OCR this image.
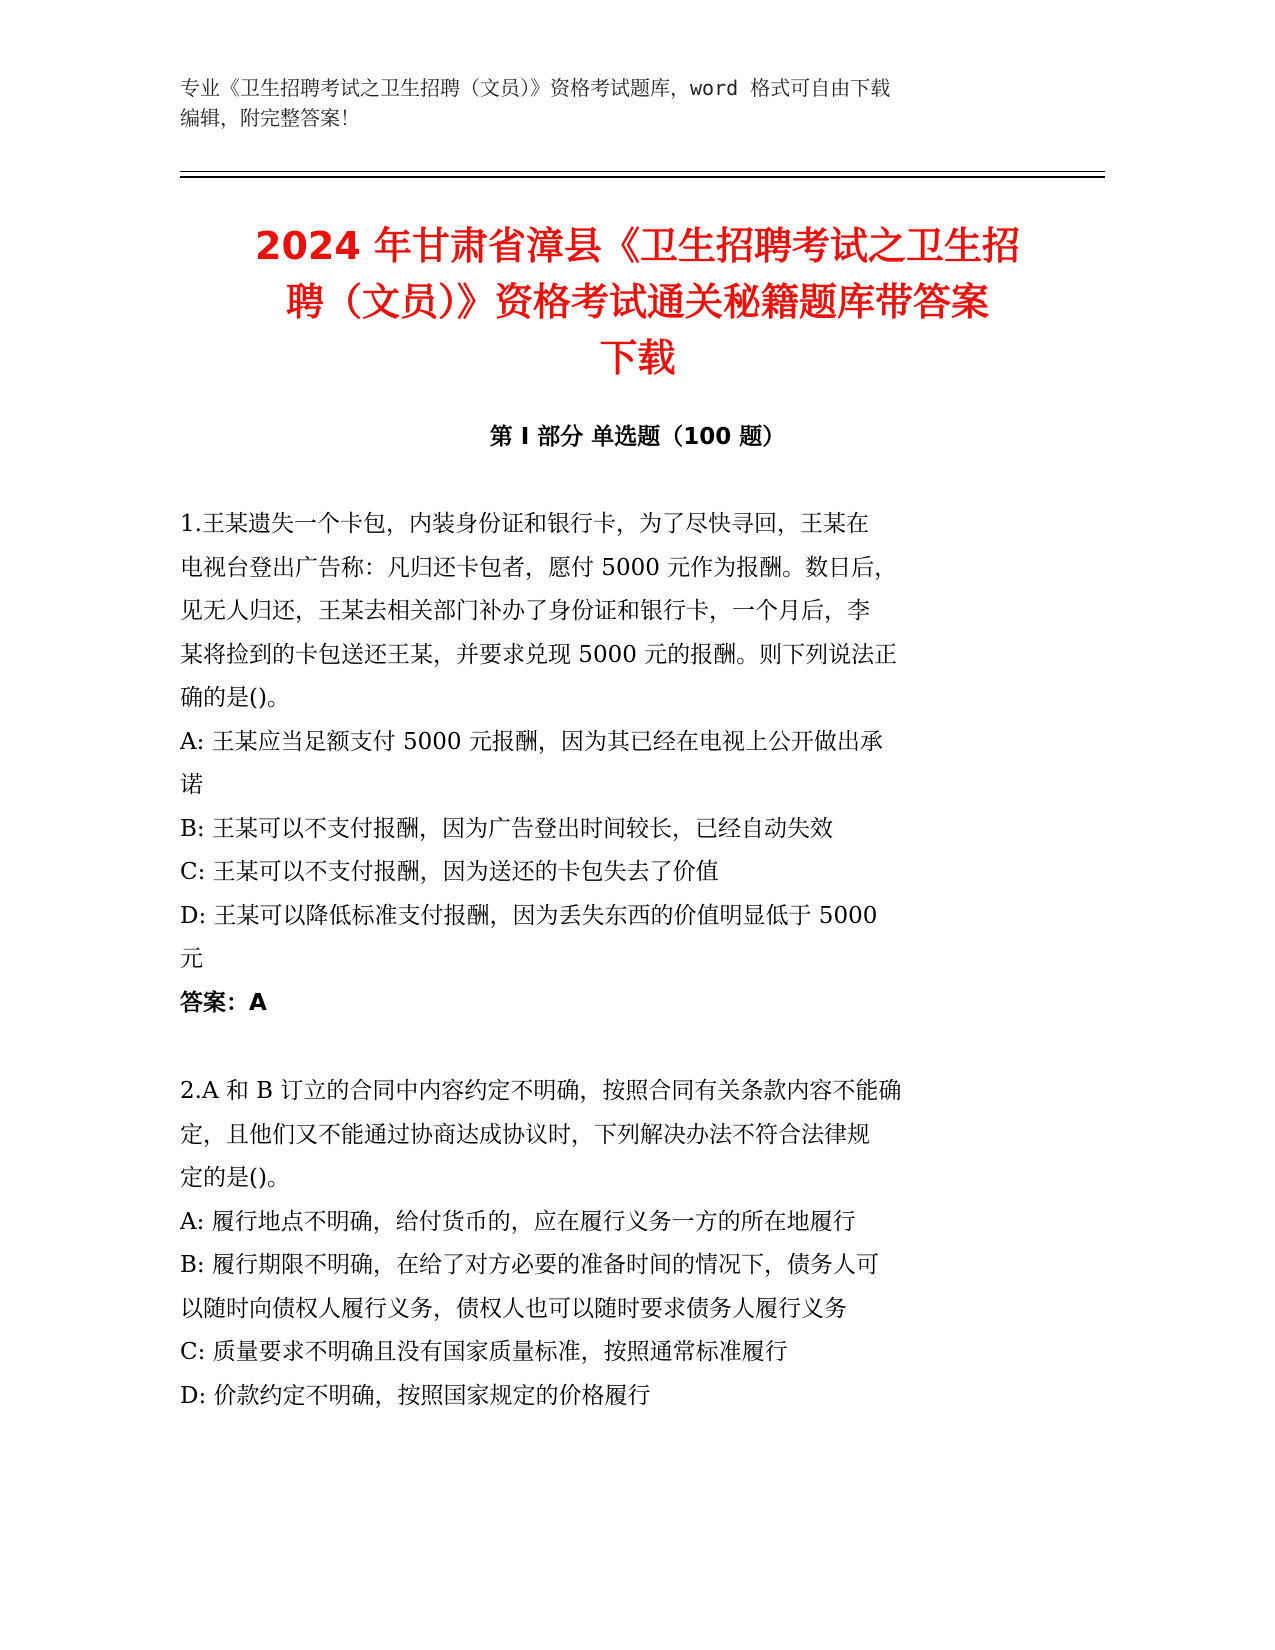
专业《卫生招聘考试之卫生招聘（文员）》资格考试题库，word 格式可自由下载
编辑，附完整答案！
2024 年甘肃省漳县《卫生招聘考试之卫生招
聘（文员）》资格考试通关秘籍题库带答案
下载
第 I 部分 单选题（100 题）

1.王某遗失一个卡包，内装身份证和银行卡，为了尽快寻回，王某在

电视台登出广告称：凡归还卡包者，愿付 5000 元作为报酬。数日后，

见无人归还，王某去相关部门补办了身份证和银行卡，一个月后，李

某将捡到的卡包送还王某，并要求兑现 5000 元的报酬。则下列说法正

确的是()。

A: 王某应当足额支付 5000 元报酬，因为其已经在电视上公开做出承

诺

B: 王某可以不支付报酬，因为广告登出时间较长，已经自动失效

C: 王某可以不支付报酬，因为送还的卡包失去了价值

D: 王某可以降低标准支付报酬，因为丢失东西的价值明显低于 5000

元

答案：A

2.A 和 B 订立的合同中内容约定不明确，按照合同有关条款内容不能确

定，且他们又不能通过协商达成协议时，下列解决办法不符合法律规

定的是()。

A: 履行地点不明确，给付货币的，应在履行义务一方的所在地履行

B: 履行期限不明确，在给了对方必要的准备时间的情况下，债务人可

以随时向债权人履行义务，债权人也可以随时要求债务人履行义务

C: 质量要求不明确且没有国家质量标准，按照通常标准履行

D: 价款约定不明确，按照国家规定的价格履行
